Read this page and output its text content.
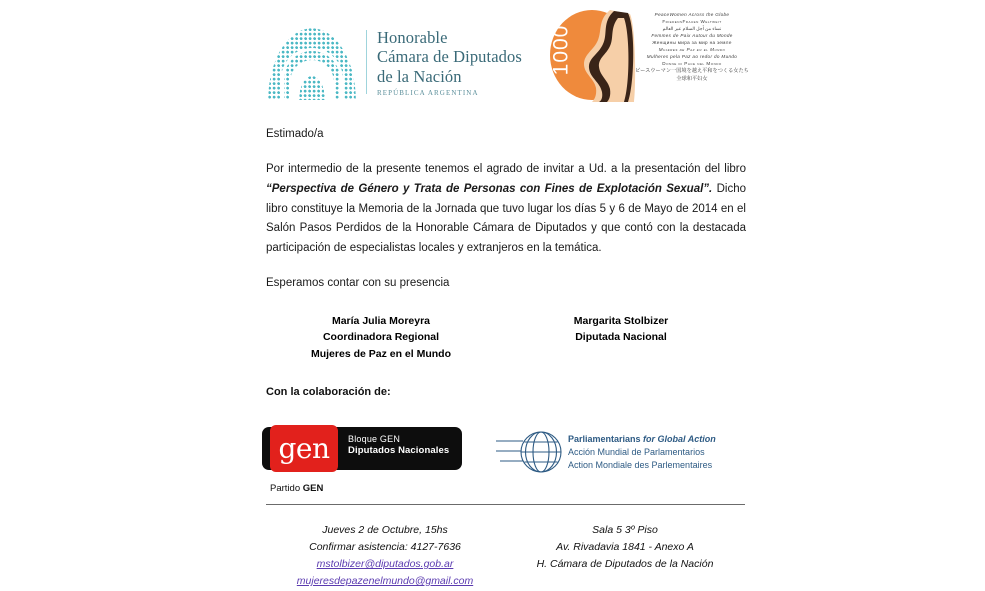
Honorable
Cámara de Diputados
de la Nación
REPÚBLICA ARGENTINA
1000
PeaceWomen Across the Globe
FriedensFrauen Weltweit
نساء من أجل السلام عبر العالم
Femmes de Paix Autour du Monde
Женщины мира за мир на земле
Mujeres de Paz en el Mundo
Mulheres pela Paz ao redor do Mundo
Donne di Pace nel Mondo
ピースウーマン一国境を越え平和をつくる女たち
全球和平妇女

Estimado/a

Por intermedio de la presente tenemos el agrado de invitar a Ud. a la presentación del libro “Perspectiva de Género y Trata de Personas con Fines de Explotación Sexual”. Dicho libro constituye la Memoria de la Jornada que tuvo lugar los días 5 y 6 de Mayo de 2014 en el Salón Pasos Perdidos de la Honorable Cámara de Diputados y que contó con la destacada participación de especialistas locales y extranjeros en la temática.

Esperamos contar con su presencia

María Julia Moreyra
Coordinadora Regional
Mujeres de Paz en el Mundo
Margarita Stolbizer
Diputada Nacional
Con la colaboración de:
gen	Bloque GEN
Diputados Nacionales
Partido GEN
Parliamentarians for Global Action
Acción Mundial de Parlamentarios
Action Mondiale des Parlementaires
Jueves 2 de Octubre, 15hs
Confirmar asistencia: 4127-7636
mstolbizer@diputados.gob.ar
mujeresdepazenelmundo@gmail.com
Sala 5 3º Piso
Av. Rivadavia 1841 - Anexo A
H. Cámara de Diputados de la Nación
